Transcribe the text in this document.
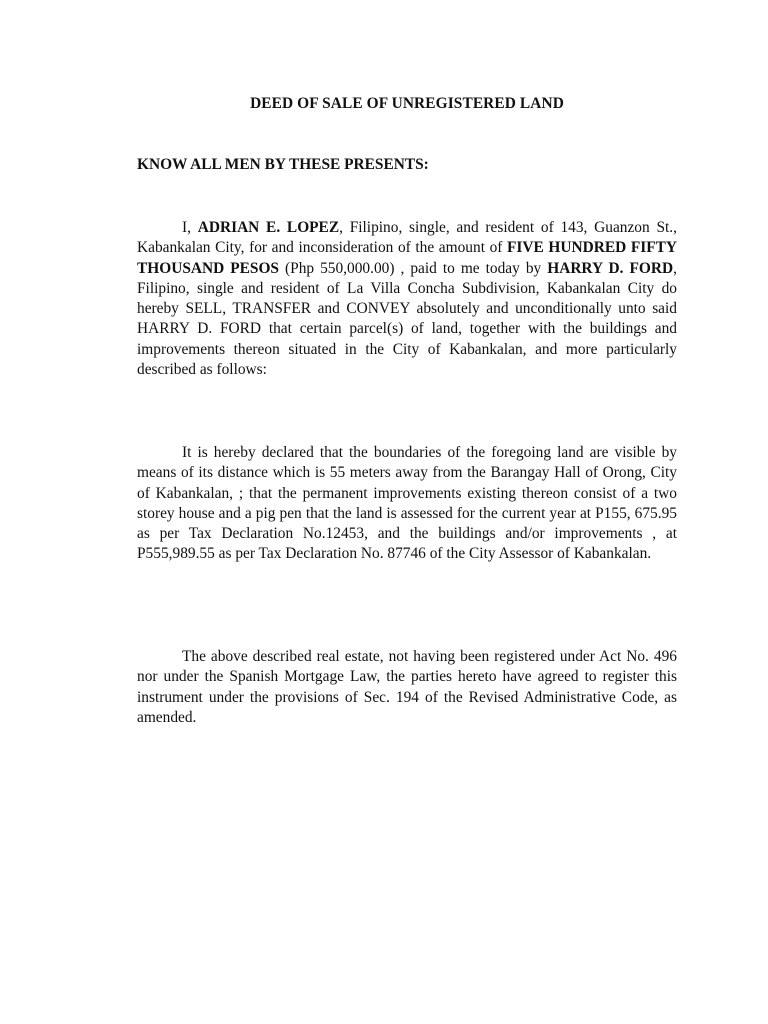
DEED OF SALE OF UNREGISTERED LAND

KNOW ALL MEN BY THESE PRESENTS:

I, ADRIAN E. LOPEZ, Filipino, single, and resident of 143, Guanzon St., Kabankalan City, for and inconsideration of the amount of FIVE HUNDRED FIFTY THOUSAND PESOS (Php 550,000.00) , paid to me today by HARRY D. FORD, Filipino, single and resident of La Villa Concha Subdivision, Kabankalan City do hereby SELL, TRANSFER and CONVEY absolutely and unconditionally unto said HARRY D. FORD that certain parcel(s) of land, together with the buildings and improvements thereon situated in the City of Kabankalan, and more particularly described as follows:

It is hereby declared that the boundaries of the foregoing land are visible by means of its distance which is 55 meters away from the Barangay Hall of Orong, City of Kabankalan, ; that the permanent improvements existing thereon consist of a two storey house and a pig pen that the land is assessed for the current year at P155, 675.95 as per Tax Declaration No.12453, and the buildings and/or improvements , at P555,989.55 as per Tax Declaration No. 87746 of the City Assessor of Kabankalan.

The above described real estate, not having been registered under Act No. 496 nor under the Spanish Mortgage Law, the parties hereto have agreed to register this instrument under the provisions of Sec. 194 of the Revised Administrative Code, as amended.
